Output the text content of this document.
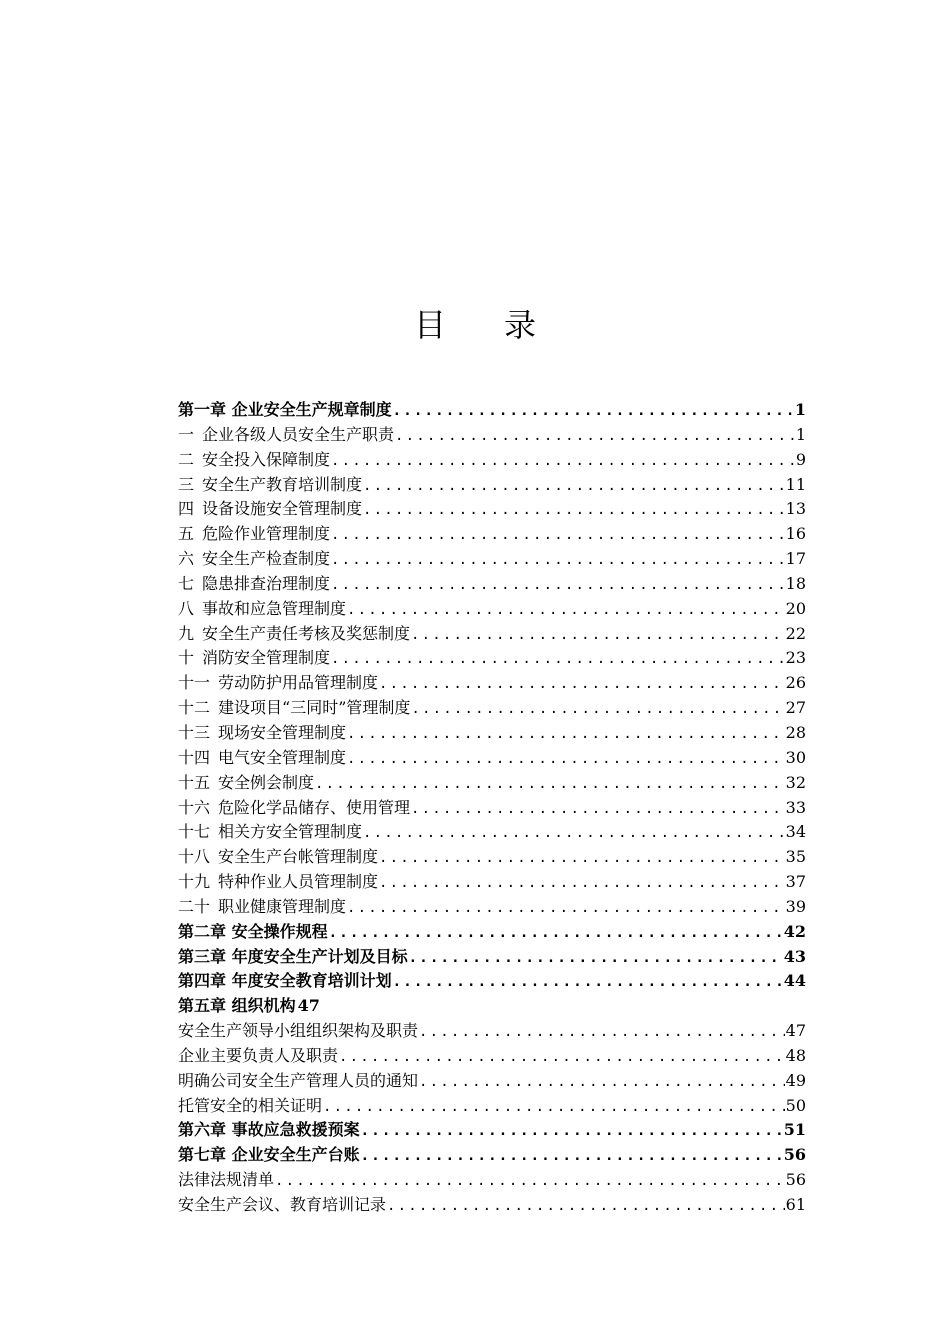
目 录
第一章 企业安全生产规章制度 .....	1
一 企业各级人员安全生产职责 .....	1
二 安全投入保障制度 .....	9
三 安全生产教育培训制度 .....	11
四 设备设施安全管理制度 .....	13
五 危险作业管理制度 .....	16
六 安全生产检查制度 .....	17
七 隐患排查治理制度 .....	18
八 事故和应急管理制度 .....	20
九 安全生产责任考核及奖惩制度 .....	22
十 消防安全管理制度 .....	23
十一 劳动防护用品管理制度 .....	26
十二 建设项目“三同时”管理制度 .....	27
十三 现场安全管理制度 .....	28
十四 电气安全管理制度 .....	30
十五 安全例会制度 .....	32
十六 危险化学品储存、使用管理 .....	33
十七 相关方安全管理制度 .....	34
十八 安全生产台帐管理制度 .....	35
十九 特种作业人员管理制度 .....	37
二十 职业健康管理制度 .....	39
第二章 安全操作规程 .....	42
第三章 年度安全生产计划及目标 .....	43
第四章 年度安全教育培训计划 .....	44
第五章 组织机构 47
安全生产领导小组组织架构及职责 .....	47
企业主要负责人及职责 .....	48
明确公司安全生产管理人员的通知 .....	49
托管安全的相关证明 .....	50
第六章 事故应急救援预案 .....	51
第七章 企业安全生产台账 .....	56
法律法规清单 .....	56
安全生产会议、教育培训记录 .....	61
